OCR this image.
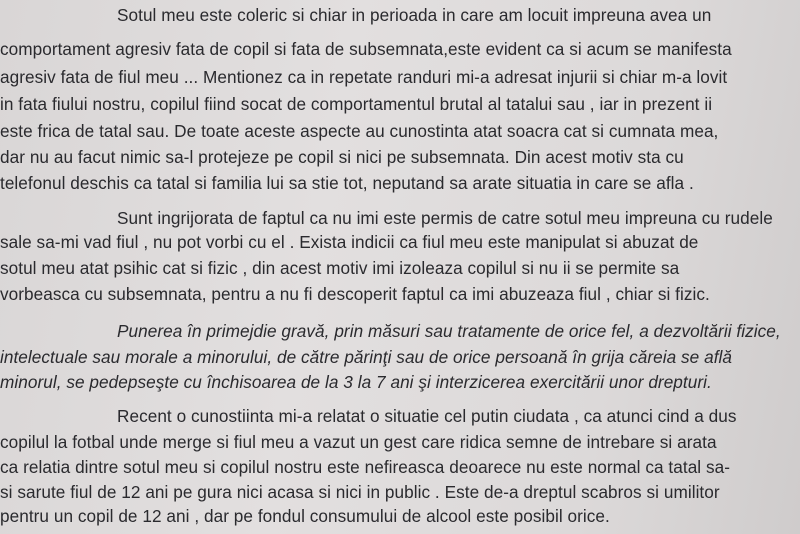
Sotul meu este coleric si chiar in perioada in care am locuit impreuna avea un
comportament agresiv fata de copil si fata de subsemnata,este evident ca si acum se manifesta
agresiv fata de fiul meu ... Mentionez ca in repetate randuri mi-a adresat injurii si chiar m-a lovit
in fata fiului nostru, copilul fiind socat de comportamentul brutal al tatalui sau , iar in prezent ii
este frica de tatal sau. De toate aceste aspecte au cunostinta atat soacra cat si cumnata mea,
dar nu au facut nimic sa-l protejeze pe copil si nici pe subsemnata. Din acest motiv sta cu
telefonul deschis ca tatal si familia lui sa stie tot, neputand sa arate situatia in care se afla .
Sunt ingrijorata de faptul ca nu imi este permis de catre sotul meu impreuna cu rudele
sale sa-mi vad fiul , nu pot vorbi cu el . Exista indicii ca fiul meu este manipulat si abuzat de
sotul meu atat psihic cat si fizic , din acest motiv imi izoleaza copilul si nu ii se permite sa
vorbeasca cu subsemnata, pentru a nu fi descoperit faptul ca imi abuzeaza fiul , chiar si fizic.
Punerea în primejdie gravă, prin măsuri sau tratamente de orice fel, a dezvoltării fizice,
intelectuale sau morale a minorului, de către părinţi sau de orice persoană în grija căreia se află
minorul, se pedepseşte cu închisoarea de la 3 la 7 ani şi interzicerea exercitării unor drepturi.
Recent o cunostiinta mi-a relatat o situatie cel putin ciudata , ca atunci cind a dus
copilul la fotbal unde merge si fiul meu a vazut un gest care ridica semne de intrebare si arata
ca relatia dintre sotul meu si copilul nostru este nefireasca deoarece nu este normal ca tatal sa-
si sarute fiul de 12 ani pe gura nici acasa si nici in public . Este de-a dreptul scabros si umilitor
pentru un copil de 12 ani , dar pe fondul consumului de alcool este posibil orice.
